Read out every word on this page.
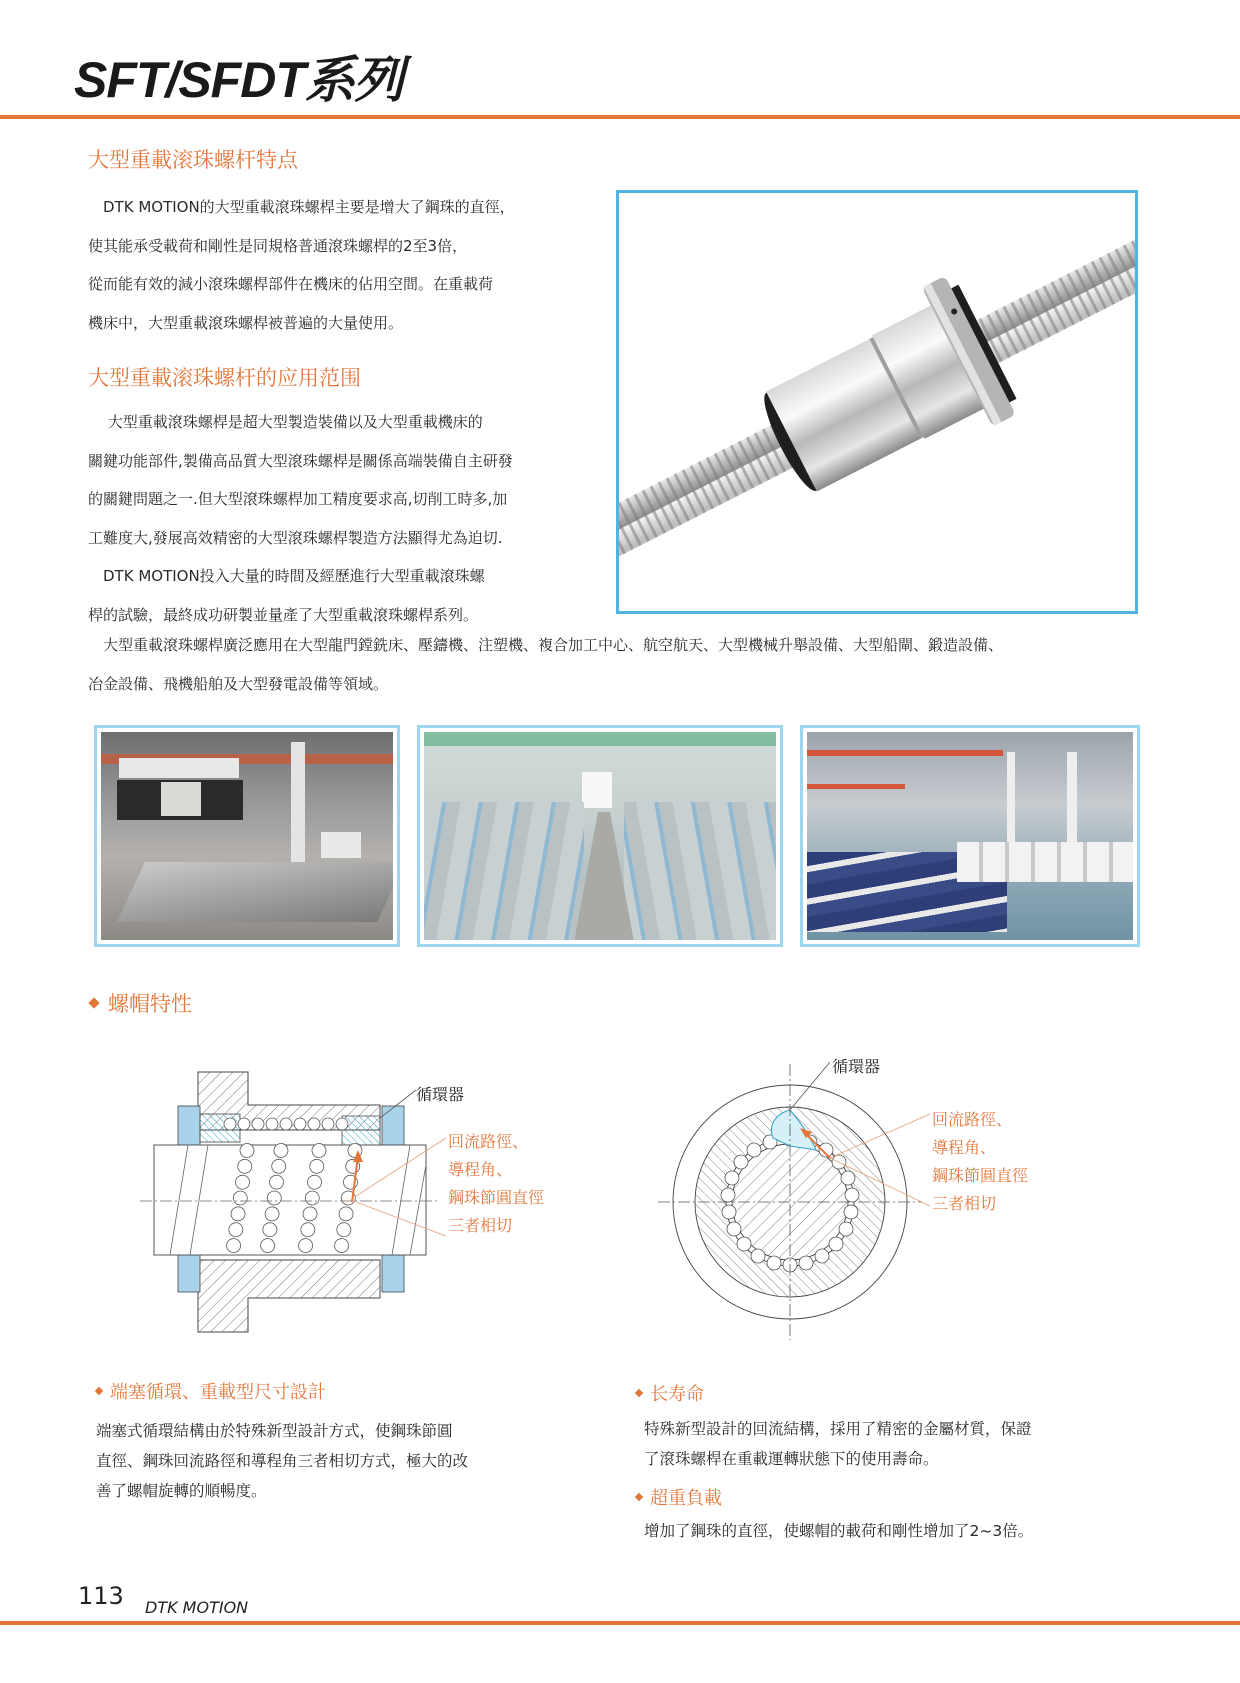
SFT/SFDT系列
大型重載滚珠螺杆特点

　DTK MOTION的大型重載滾珠螺桿主要是增大了鋼珠的直徑，

使其能承受載荷和剛性是同規格普通滾珠螺桿的2至3倍，

從而能有效的減小滾珠螺桿部件在機床的佔用空間。在重載荷

機床中，大型重載滾珠螺桿被普遍的大量使用。

大型重載滚珠螺杆的应用范围

　 大型重載滾珠螺桿是超大型製造裝備以及大型重載機床的

關鍵功能部件,製備高品質大型滾珠螺桿是關係高端裝備自主研發

的關鍵問題之一.但大型滾珠螺桿加工精度要求高,切削工時多,加

工難度大,發展高效精密的大型滾珠螺桿製造方法顯得尤為迫切.

　DTK MOTION投入大量的時間及經歷進行大型重載滾珠螺

桿的試驗，最終成功研製並量產了大型重載滾珠螺桿系列。

　大型重載滾珠螺桿廣泛應用在大型龍門鏜銑床、壓鑄機、注塑機、複合加工中心、航空航天、大型機械升舉設備、大型船閘、鍛造設備、

冶金設備、飛機船舶及大型發電設備等領域。

螺帽特性
循環器
回流路徑、
導程角、
鋼珠節圓直徑
三者相切
循環器
回流路徑、
導程角、
鋼珠節圓直徑
三者相切
端塞循環、重載型尺寸設計

端塞式循環結構由於特殊新型設計方式，使鋼珠節圓

直徑、鋼珠回流路徑和導程角三者相切方式，極大的改

善了螺帽旋轉的順暢度。

长寿命

特殊新型設計的回流結構，採用了精密的金屬材質，保證

了滾珠螺桿在重載運轉狀態下的使用壽命。

超重負載

增加了鋼珠的直徑，使螺帽的載荷和剛性增加了2~3倍。

113 DTK MOTION
